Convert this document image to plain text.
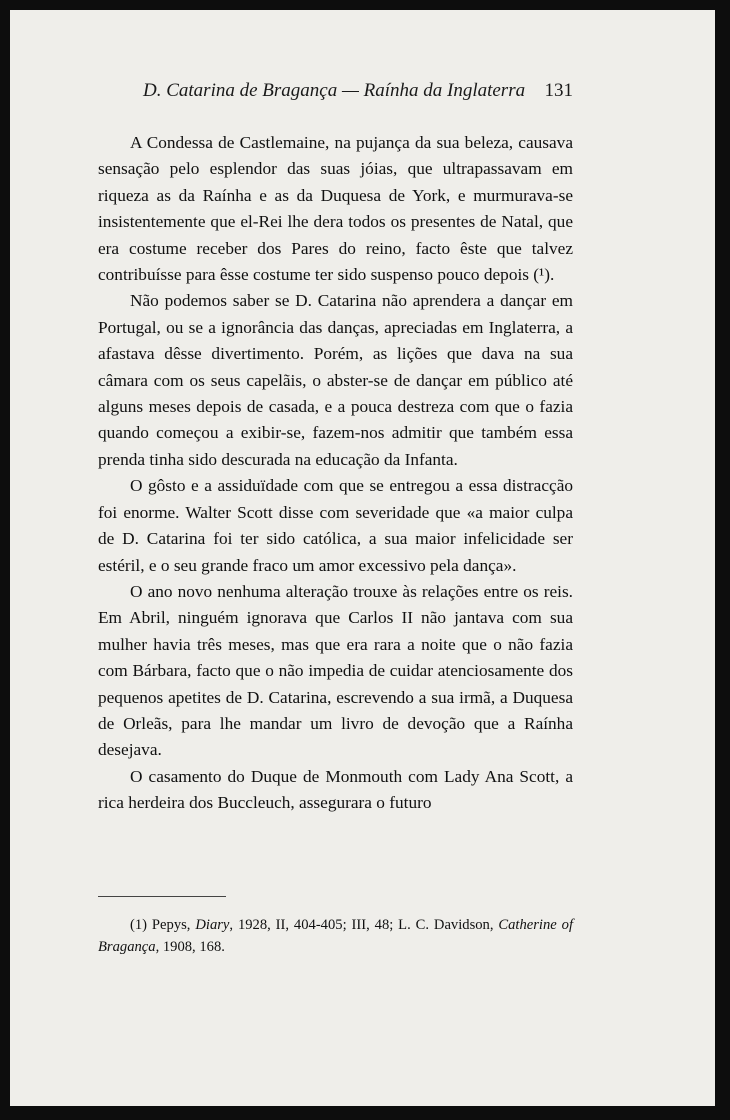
D. Catarina de Bragança — Raínha da Inglaterra 131

A Condessa de Castlemaine, na pujança da sua beleza, causava sensação pelo esplendor das suas jóias, que ultrapassavam em riqueza as da Raínha e as da Duquesa de York, e murmurava-se insistentemente que el-Rei lhe dera todos os presentes de Natal, que era costume receber dos Pares do reino, facto êste que talvez contribuísse para êsse costume ter sido suspenso pouco depois (¹).

Não podemos saber se D. Catarina não aprendera a dançar em Portugal, ou se a ignorância das danças, apreciadas em Inglaterra, a afastava dêsse divertimento. Porém, as lições que dava na sua câmara com os seus capelãis, o abster-se de dançar em público até alguns meses depois de casada, e a pouca destreza com que o fazia quando começou a exibir-se, fazem-nos admitir que também essa prenda tinha sido descurada na educação da Infanta.

O gôsto e a assiduïdade com que se entregou a essa distracção foi enorme. Walter Scott disse com severidade que «a maior culpa de D. Catarina foi ter sido católica, a sua maior infelicidade ser estéril, e o seu grande fraco um amor excessivo pela dança».

O ano novo nenhuma alteração trouxe às relações entre os reis. Em Abril, ninguém ignorava que Carlos II não jantava com sua mulher havia três meses, mas que era rara a noite que o não fazia com Bárbara, facto que o não impedia de cuidar atenciosamente dos pequenos apetites de D. Catarina, escrevendo a sua irmã, a Duquesa de Orleãs, para lhe mandar um livro de devoção que a Raínha desejava.

O casamento do Duque de Monmouth com Lady Ana Scott, a rica herdeira dos Buccleuch, assegurara o futuro

(1) Pepys, Diary, 1928, II, 404-405; III, 48; L. C. Davidson, Catherine of Bragança, 1908, 168.
